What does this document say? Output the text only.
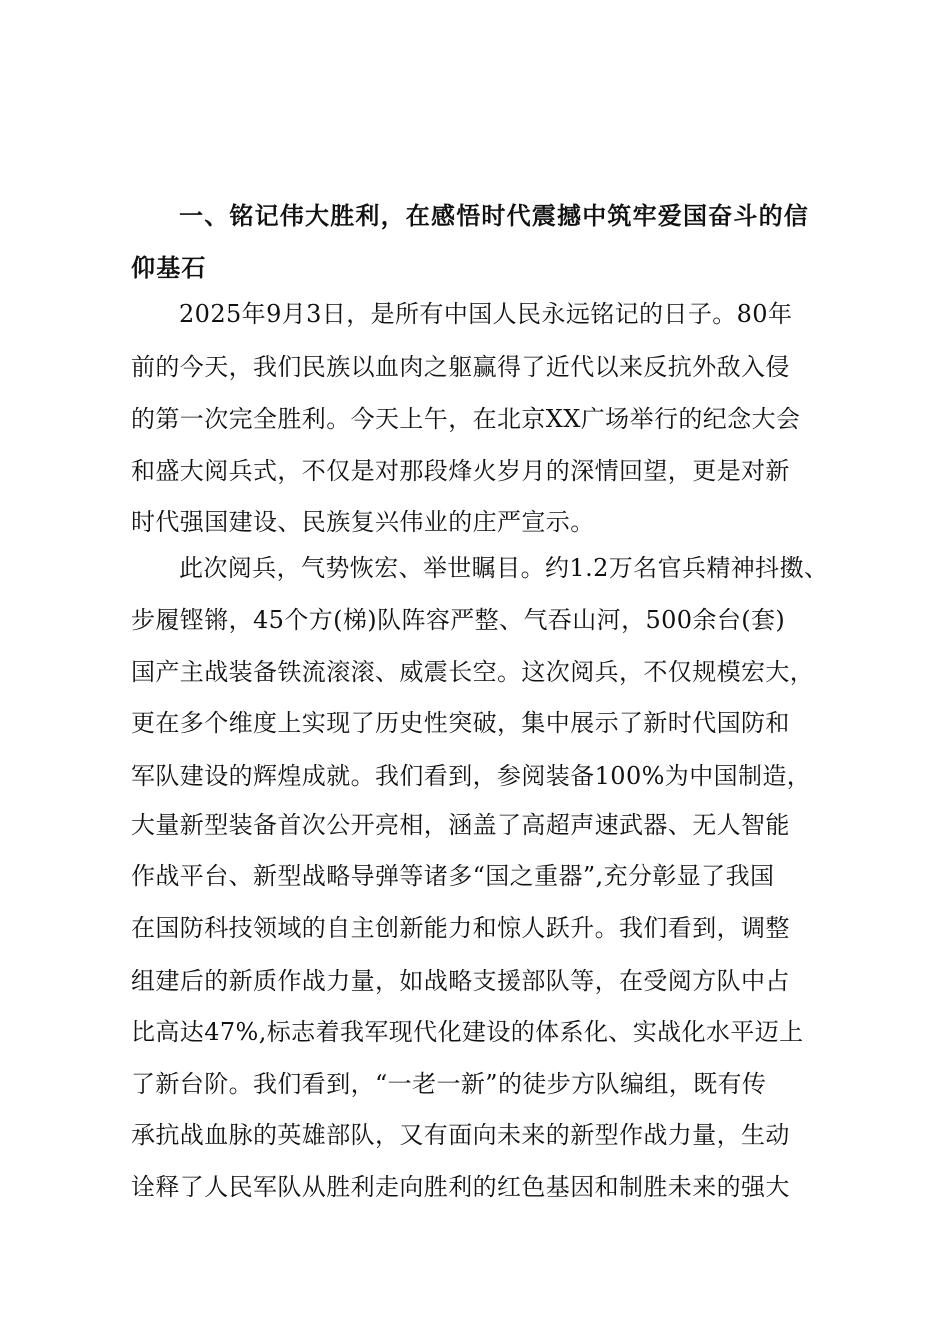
一、铭记伟大胜利，在感悟时代震撼中筑牢爱国奋斗的信
仰基石
2025年9月3日，是所有中国人民永远铭记的日子。80年
前的今天，我们民族以血肉之躯赢得了近代以来反抗外敌入侵
的第一次完全胜利。今天上午，在北京XX广场举行的纪念大会
和盛大阅兵式，不仅是对那段烽火岁月的深情回望，更是对新
时代强国建设、民族复兴伟业的庄严宣示。
此次阅兵，气势恢宏、举世瞩目。约1.2万名官兵精神抖擞、
步履铿锵，45个方(梯)队阵容严整、气吞山河，500余台(套)
国产主战装备铁流滚滚、威震长空。这次阅兵，不仅规模宏大，
更在多个维度上实现了历史性突破，集中展示了新时代国防和
军队建设的辉煌成就。我们看到，参阅装备100%为中国制造，
大量新型装备首次公开亮相，涵盖了高超声速武器、无人智能
作战平台、新型战略导弹等诸多“国之重器”,充分彰显了我国
在国防科技领域的自主创新能力和惊人跃升。我们看到，调整
组建后的新质作战力量，如战略支援部队等，在受阅方队中占
比高达47%,标志着我军现代化建设的体系化、实战化水平迈上
了新台阶。我们看到，“一老一新”的徒步方队编组，既有传
承抗战血脉的英雄部队，又有面向未来的新型作战力量，生动
诠释了人民军队从胜利走向胜利的红色基因和制胜未来的强大
